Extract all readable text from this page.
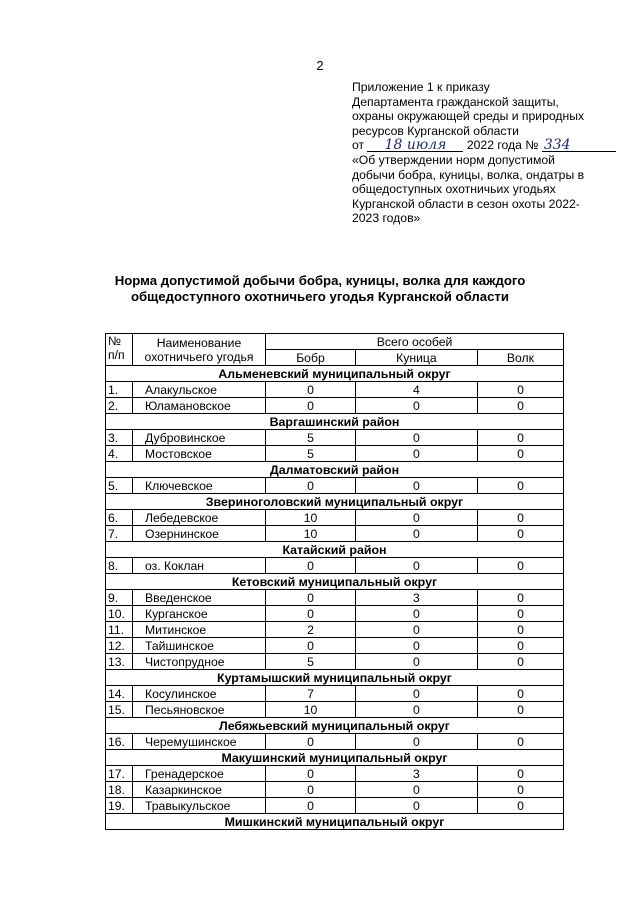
2
Приложение 1 к приказу
Департамента гражданской защиты,
охраны окружающей среды и природных
ресурсов Курганской области
от 18 июля 2022 года № 334
«Об утверждении норм допустимой
добычи бобра, куницы, волка, ондатры в
общедоступных охотничьих угодьях
Курганской области в сезон охоты 2022-
2023 годов»
Норма допустимой добычи бобра, куницы, волка для каждого
общедоступного охотничьего угодья Курганской области
№
п/п	Наименование
охотничьего угодья	Всего особей		
		Бобр	Куница	Волк
Альменевский муниципальный округ				
1.	Алакульское	0	4	0
2.	Юламановское	0	0	0
Варгашинский район				
3.	Дубровинское	5	0	0
4.	Мостовское	5	0	0
Далматовский район				
5.	Ключевское	0	0	0
Звериноголовский муниципальный округ				
6.	Лебедевское	10	0	0
7.	Озернинское	10	0	0
Катайский район				
8.	оз. Коклан	0	0	0
Кетовский муниципальный округ				
9.	Введенское	0	3	0
10.	Курганское	0	0	0
11.	Митинское	2	0	0
12.	Тайшинское	0	0	0
13.	Чистопрудное	5	0	0
Куртамышский муниципальный округ				
14.	Косулинское	7	0	0
15.	Песьяновское	10	0	0
Лебяжьевский муниципальный округ				
16.	Черемушинское	0	0	0
Макушинский муниципальный округ				
17.	Гренадерское	0	3	0
18.	Казаркинское	0	0	0
19.	Травыкульское	0	0	0
Мишкинский муниципальный округ				
